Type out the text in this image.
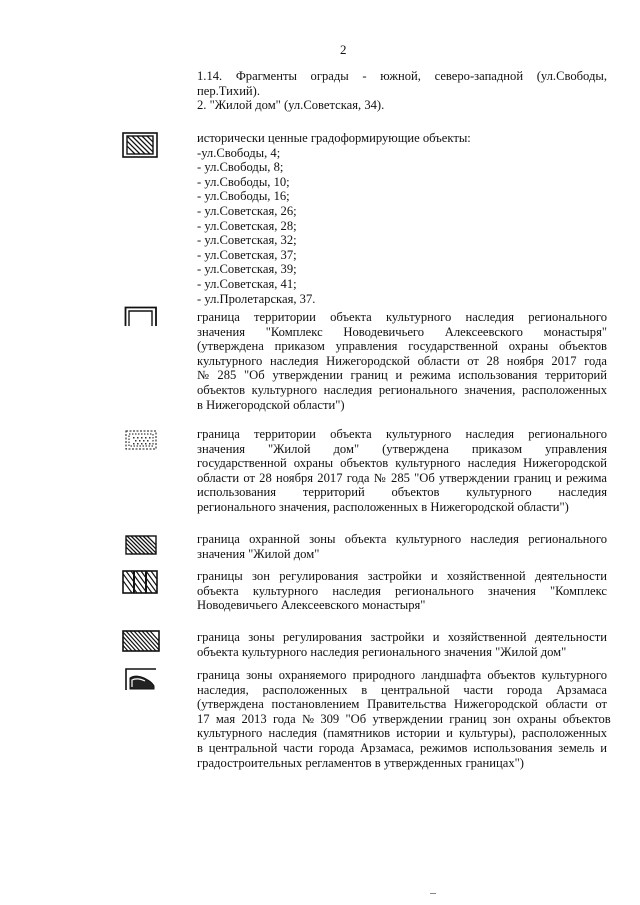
2
1.14.  Фрагменты  ограды  -  южной,  северо-западной  (ул.Свободы,
пер.Тихий).
2. "Жилой дом" (ул.Советская, 34).
исторически ценные градоформирующие объекты:
-ул.Свободы, 4;
- ул.Свободы, 8;
- ул.Свободы, 10;
- ул.Свободы, 16;
- ул.Советская, 26;
- ул.Советская, 28;
- ул.Советская, 32;
- ул.Советская, 37;
- ул.Советская, 39;
- ул.Советская, 41;
- ул.Пролетарская, 37.
граница  территории  объекта  культурного  наследия  регионального
значения   "Комплекс   Новодевичьего   Алексеевского   монастыря"
(утверждена  приказом  управления  государственной  охраны  объектов
культурного наследия Нижегородской области от 28 ноября 2017 года
№  285  "Об  утверждении  границ  и  режима  использования  территорий
объектов культурного наследия регионального значения, расположенных
в Нижегородской области")
граница  территории  объекта  культурного  наследия  регионального
значения      "Жилой      дом"      (утверждена      приказом      управления
государственной охраны объектов культурного наследия Нижегородской
области от 28 ноября 2017 года № 285 "Об утверждении границ и режима
использования       территорий       объектов       культурного       наследия
регионального значения, расположенных в Нижегородской области")
граница охранной зоны объекта культурного наследия регионального
значения "Жилой дом"
границы  зон  регулирования  застройки  и  хозяйственной  деятельности
объекта   культурного   наследия   регионального   значения   "Комплекс
Новодевичьего Алексеевского монастыря"
граница  зоны  регулирования  застройки  и  хозяйственной  деятельности
объекта культурного наследия регионального значения "Жилой дом"
граница зоны охраняемого природного ландшафта объектов культурного
наследия,   расположенных   в   центральной   части   города   Арзамаса
(утверждена  постановлением  Правительства  Нижегородской  области  от
17  мая  2013  года  №  309  "Об  утверждении  границ  зон  охраны  объектов
культурного наследия (памятников истории и культуры), расположенных
в центральной части города Арзамаса, режимов использования земель и
градостроительных регламентов в утвержденных границах")
